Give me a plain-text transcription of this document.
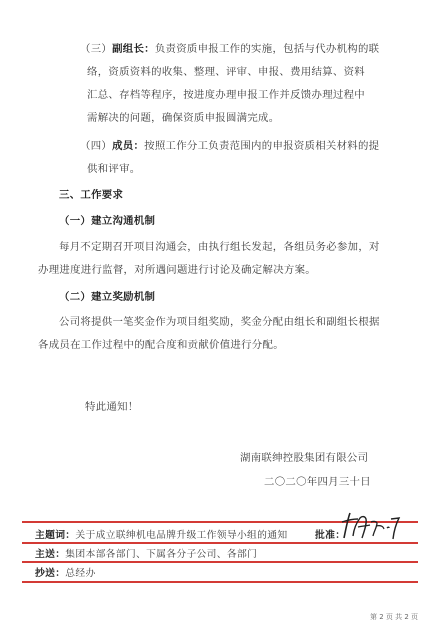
（三）副组长：负责资质申报工作的实施，包括与代办机构的联
络，资质资料的收集、整理、评审、申报、费用结算、资料
汇总、存档等程序，按进度办理申报工作并反馈办理过程中
需解决的问题，确保资质申报圆满完成。
（四）成员：按照工作分工负责范围内的申报资质相关材料的提
供和评审。
三、工作要求
（一）建立沟通机制
每月不定期召开项目沟通会，由执行组长发起，各组员务必参加，对
办理进度进行监督，对所遇问题进行讨论及确定解决方案。
（二）建立奖励机制
公司将提供一笔奖金作为项目组奖励，奖金分配由组长和副组长根据
各成员在工作过程中的配合度和贡献价值进行分配。
特此通知！
湖南联绅控股集团有限公司
二〇二〇年四月三十日
主题词：关于成立联绅机电品牌升级工作领导小组的通知	批准：
主送：集团本部各部门、下属各分子公司、各部门
抄送：总经办
第 2 页 共 2 页
